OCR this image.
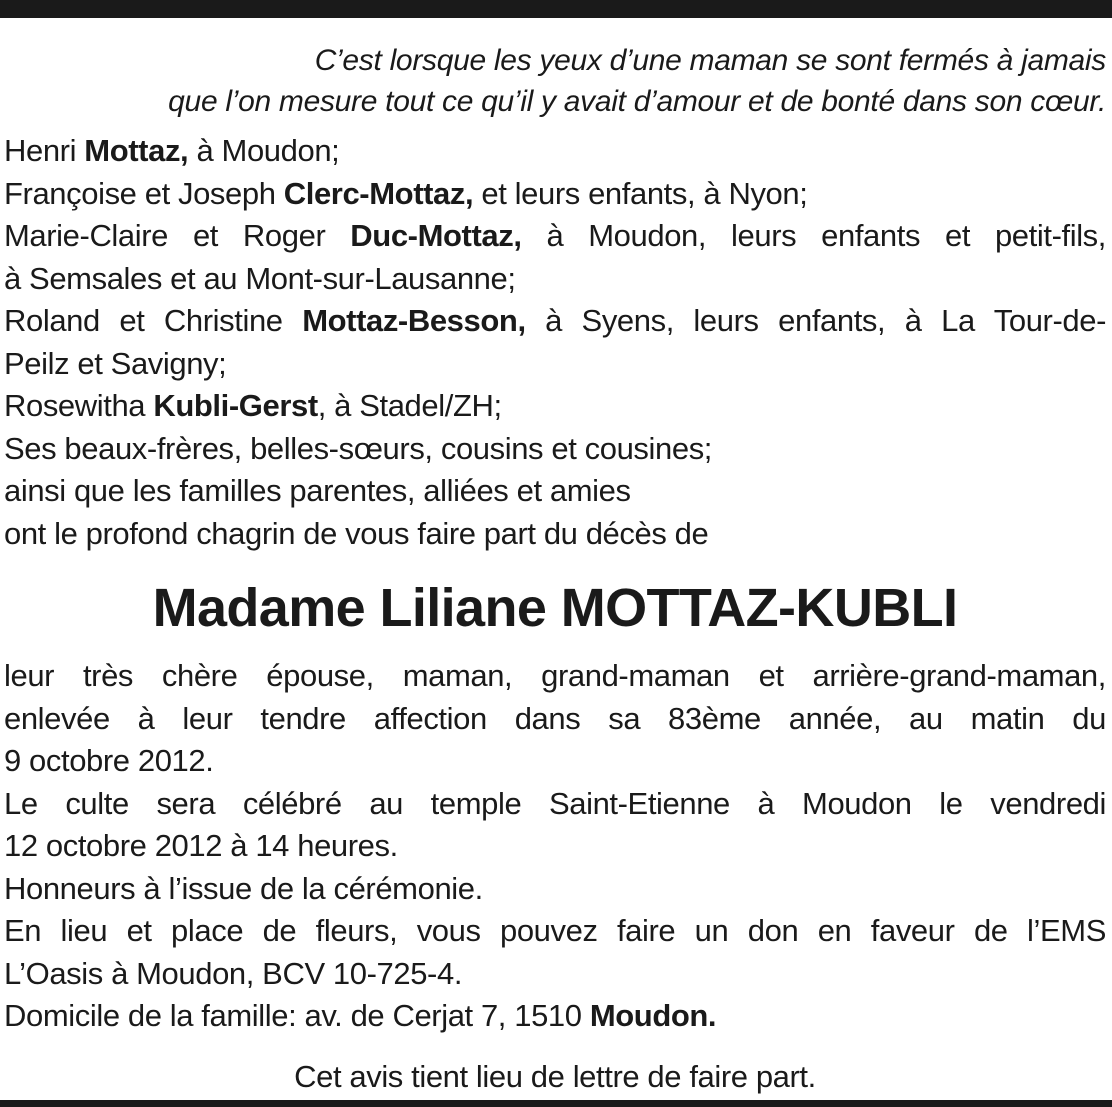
C’est lorsque les yeux d’une maman se sont fermés à jamais
que l’on mesure tout ce qu’il y avait d’amour et de bonté dans son cœur.
Henri Mottaz, à Moudon;
Françoise et Joseph Clerc-Mottaz, et leurs enfants, à Nyon;
Marie-Claire et Roger Duc-Mottaz, à Moudon, leurs enfants et petit-fils,
à Semsales et au Mont-sur-Lausanne;
Roland et Christine Mottaz-Besson, à Syens, leurs enfants, à La Tour-de-
Peilz et Savigny;
Rosewitha Kubli-Gerst, à Stadel/ZH;
Ses beaux-frères, belles-sœurs, cousins et cousines;
ainsi que les familles parentes, alliées et amies
ont le profond chagrin de vous faire part du décès de
Madame Liliane MOTTAZ-KUBLI
leur très chère épouse, maman, grand-maman et arrière-grand-maman,
enlevée à leur tendre affection dans sa 83ème année, au matin du
9 octobre 2012.
Le culte sera célébré au temple Saint-Etienne à Moudon le vendredi
12 octobre 2012 à 14 heures.
Honneurs à l’issue de la cérémonie.
En lieu et place de fleurs, vous pouvez faire un don en faveur de l’EMS
L’Oasis à Moudon, BCV 10-725-4.
Domicile de la famille: av. de Cerjat 7, 1510 Moudon.
Cet avis tient lieu de lettre de faire part.
